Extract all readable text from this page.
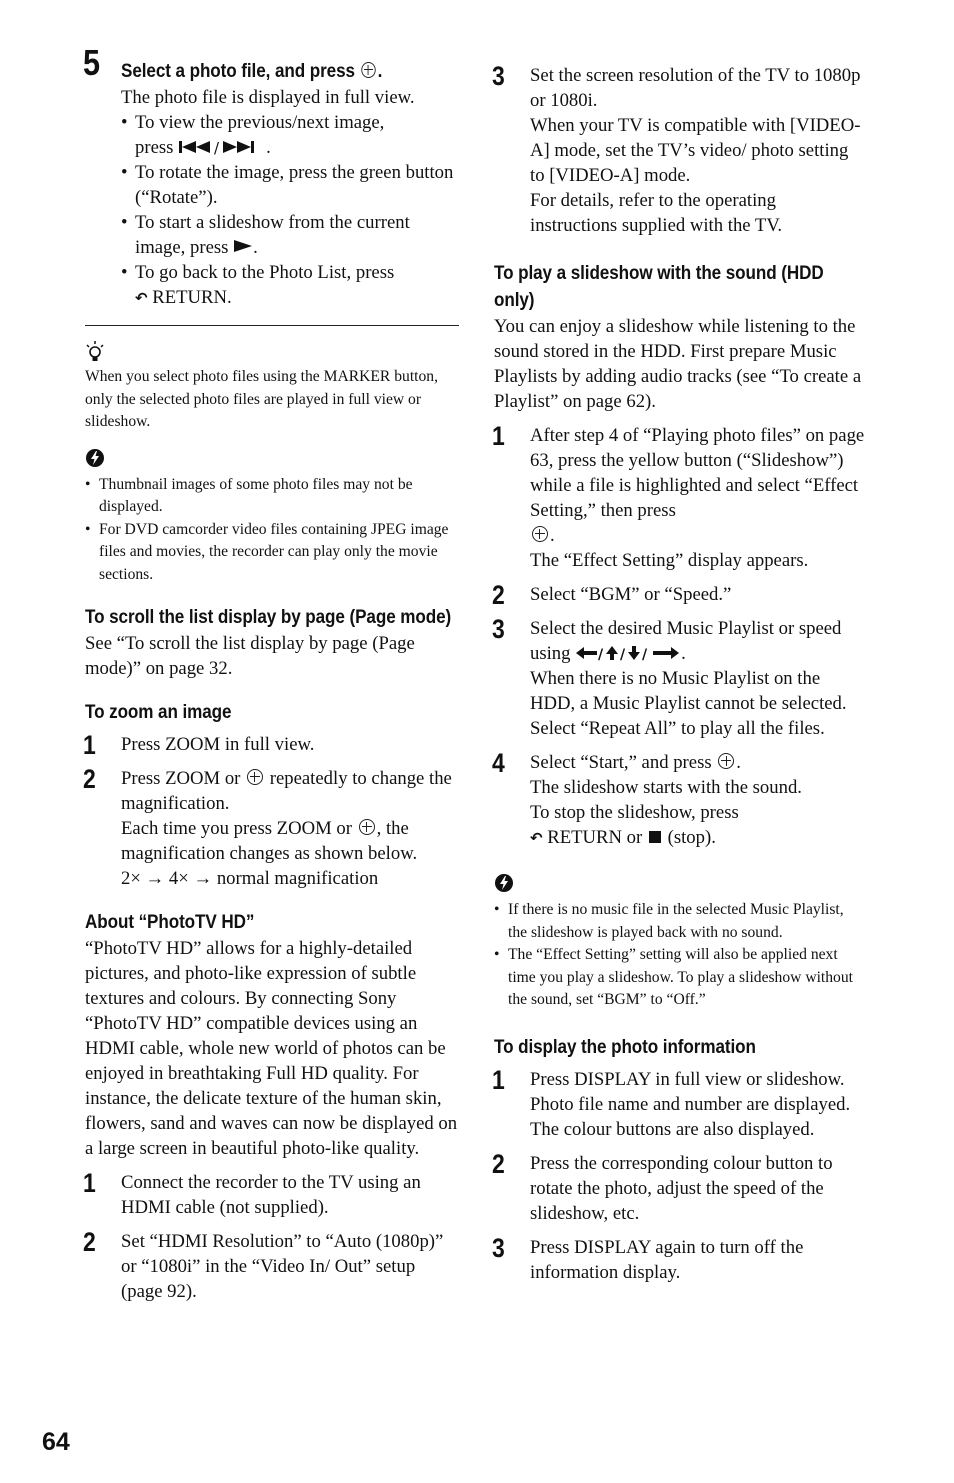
5 Select a photo file, and press .

The photo file is displayed in full view.

• To view the previous/next image,
press	/	.
• To rotate the image, press the green button (“Rotate”).
• To start a slideshow from the current image, press .
• To go back to the Photo List, press
↶ RETURN.

When you select photo files using the MARKER button, only the selected photo files are played in full view or slideshow.

• Thumbnail images of some photo files may not be displayed.
• For DVD camcorder video files containing JPEG image files and movies, the recorder can play only the movie sections.

To scroll the list display by page (Page mode)

See “To scroll the list display by page (Page mode)” on page 32.

To zoom an image

1 Press ZOOM in full view.
2 Press ZOOM or repeatedly to change the magnification.
Each time you press ZOOM or , the magnification changes as shown below.
2× → 4× → normal magnification

About “PhotoTV HD”

“PhotoTV HD” allows for a highly-detailed pictures, and photo-like expression of subtle textures and colours. By connecting Sony “PhotoTV HD” compatible devices using an HDMI cable, whole new world of photos can be enjoyed in breathtaking Full HD quality. For instance, the delicate texture of the human skin, flowers, sand and waves can now be displayed on a large screen in beautiful photo-like quality.

1 Connect the recorder to the TV using an HDMI cable (not supplied).
2 Set “HDMI Resolution” to “Auto (1080p)” or “1080i” in the “Video In/ Out” setup (page 92).
3 Set the screen resolution of the TV to 1080p or 1080i.
When your TV is compatible with [VIDEO-A] mode, set the TV’s video/ photo setting to [VIDEO-A] mode.
For details, refer to the operating instructions supplied with the TV.

To play a slideshow with the sound (HDD only)

You can enjoy a slideshow while listening to the sound stored in the HDD. First prepare Music Playlists by adding audio tracks (see “To create a Playlist” on page 62).

1 After step 4 of “Playing photo files” on page 63, press the yellow button (“Slideshow”) while a file is highlighted and select “Effect Setting,” then press
.
The “Effect Setting” display appears.
2 Select “BGM” or “Speed.”
3 Select the desired Music Playlist or speed using / / / .
When there is no Music Playlist on the HDD, a Music Playlist cannot be selected. Select “Repeat All” to play all the files.
4 Select “Start,” and press .
The slideshow starts with the sound.
To stop the slideshow, press
↶ RETURN or (stop).
• If there is no music file in the selected Music Playlist, the slideshow is played back with no sound.
• The “Effect Setting” setting will also be applied next time you play a slideshow. To play a slideshow without the sound, set “BGM” to “Off.”

To display the photo information

1 Press DISPLAY in full view or slideshow.
Photo file name and number are displayed.
The colour buttons are also displayed.
2 Press the corresponding colour button to rotate the photo, adjust the speed of the slideshow, etc.
3 Press DISPLAY again to turn off the information display.
64
